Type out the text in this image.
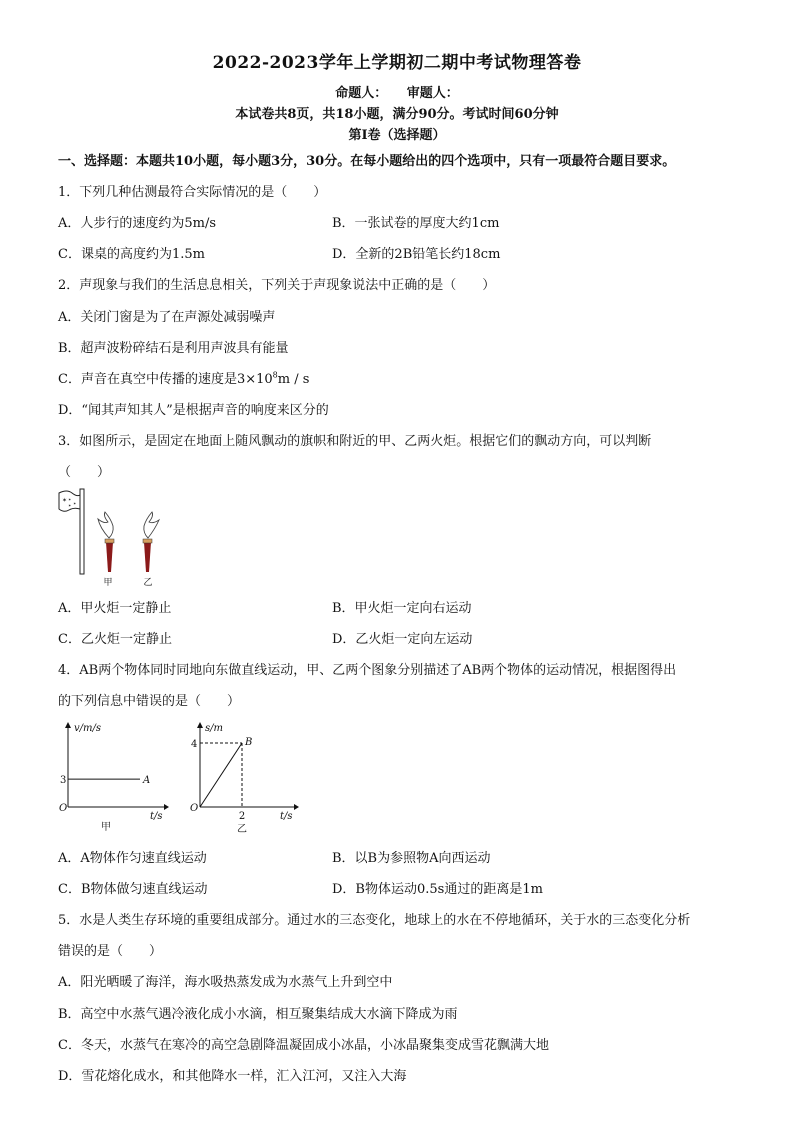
2022-2023学年上学期初二期中考试物理答卷
命题人：　　审题人：
本试卷共8页，共18小题，满分90分。考试时间60分钟
第Ⅰ卷（选择题）
一、选择题：本题共10小题，每小题3分，30分。在每小题给出的四个选项中，只有一项最符合题目要求。
1．下列几种估测最符合实际情况的是（　　）
A．人步行的速度约为5m/s	B．一张试卷的厚度大约1cm
C．课桌的高度约为1.5m	D．全新的2B铅笔长约18cm
2．声现象与我们的生活息息相关，下列关于声现象说法中正确的是（　　）
A．关闭门窗是为了在声源处减弱噪声
B．超声波粉碎结石是利用声波具有能量
C．声音在真空中传播的速度是$3\times 10^8m / s$
D．“闻其声知其人”是根据声音的响度来区分的
3．如图所示，是固定在地面上随风飘动的旗帜和附近的甲、乙两火炬。根据它们的飘动方向，可以判断
（　　）
✶ ✶
✶ ✶
甲	乙
A．甲火炬一定静止	B．甲火炬一定向右运动
C．乙火炬一定静止	D．乙火炬一定向左运动
4．AB两个物体同时同地向东做直线运动，甲、乙两个图象分别描述了AB两个物体的运动情况，根据图得出
的下列信息中错误的是（　　）
3	A
v/m/s
t/s
O
甲
4
2
B
s/m
t/s
O
乙
A．A物体作匀速直线运动	B．以B为参照物A向西运动
C．B物体做匀速直线运动	D．B物体运动0.5s通过的距离是1m
5．水是人类生存环境的重要组成部分。通过水的三态变化，地球上的水在不停地循环，关于水的三态变化分析
错误的是（　　）
A．阳光晒暖了海洋，海水吸热蒸发成为水蒸气上升到空中
B．高空中水蒸气遇冷液化成小水滴，相互聚集结成大水滴下降成为雨
C．冬天，水蒸气在寒冷的高空急剧降温凝固成小冰晶，小冰晶聚集变成雪花飘满大地
D．雪花熔化成水，和其他降水一样，汇入江河，又注入大海
